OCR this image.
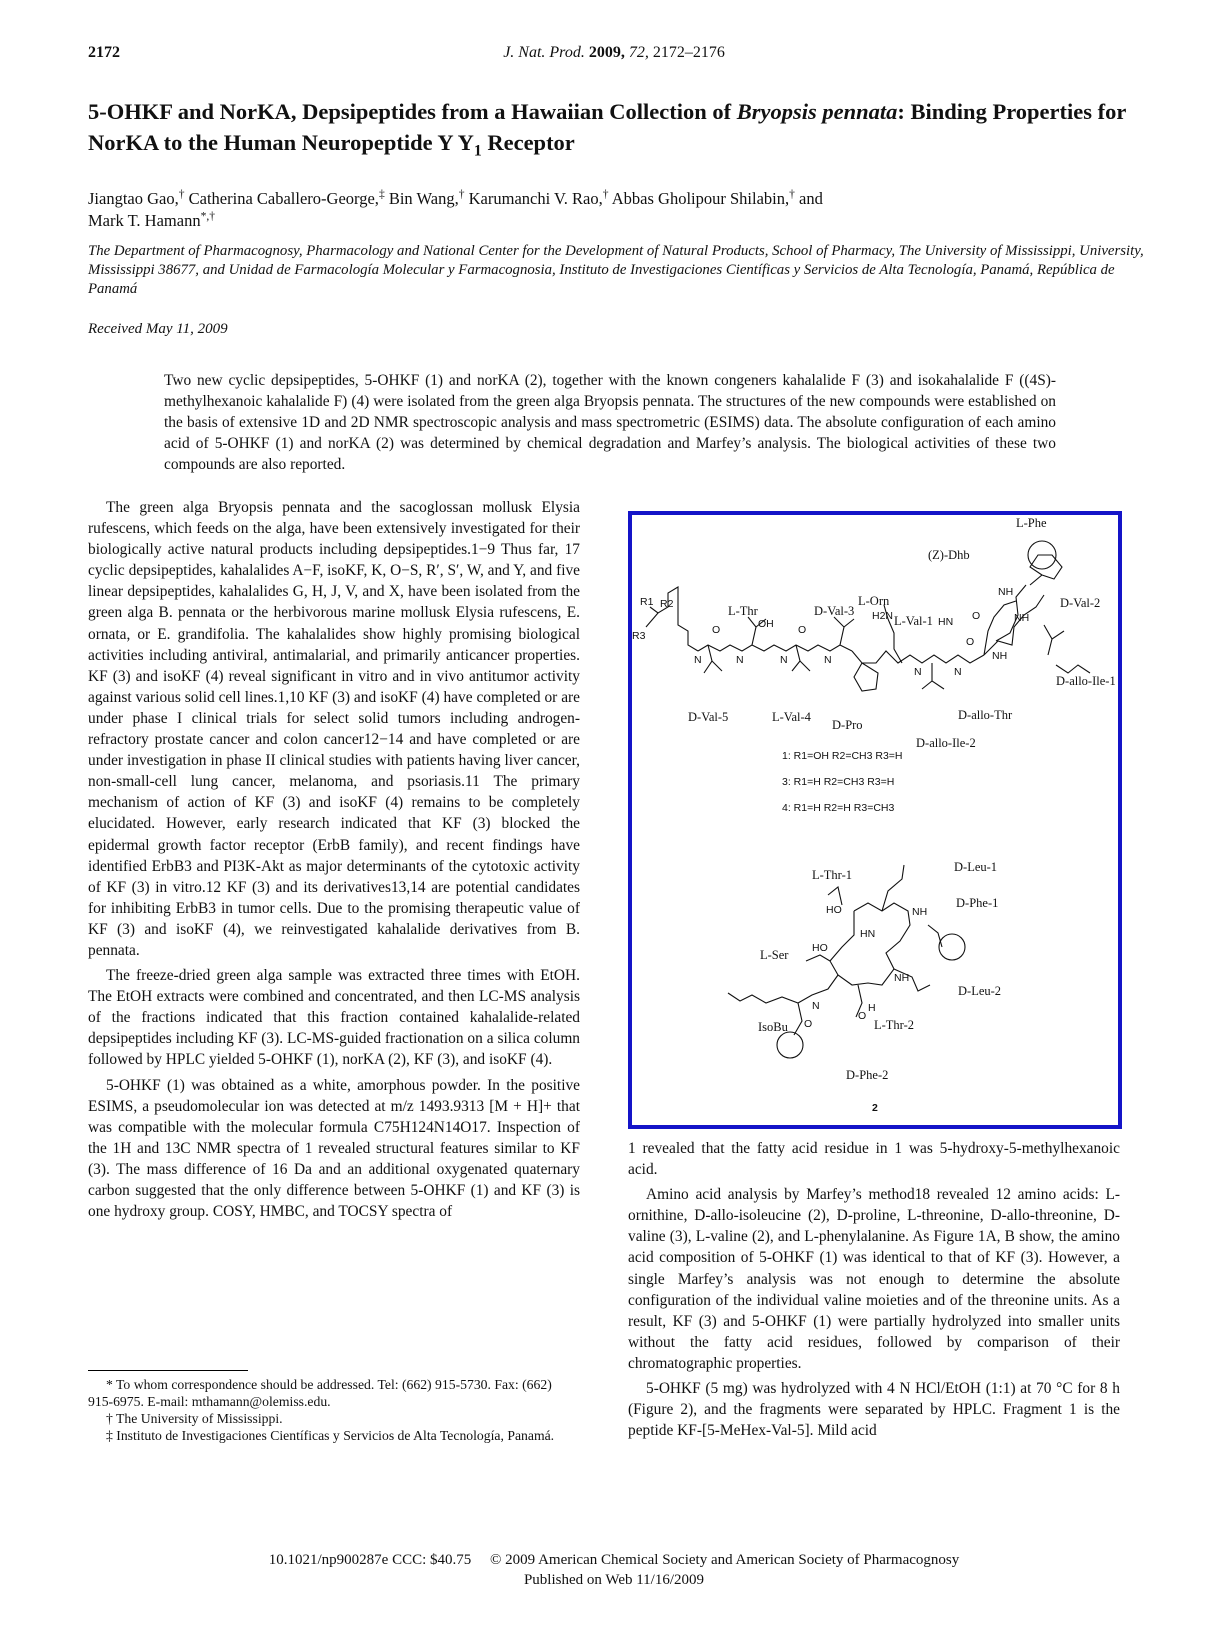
2172	J. Nat. Prod. 2009, 72, 2172–2176
5-OHKF and NorKA, Depsipeptides from a Hawaiian Collection of Bryopsis pennata: Binding Properties for NorKA to the Human Neuropeptide Y $Y_1$ Receptor
Jiangtao Gao,† Catherina Caballero-George,‡ Bin Wang,† Karumanchi V. Rao,† Abbas Gholipour Shilabin,† and
Mark T. Hamann*,†
The Department of Pharmacognosy, Pharmacology and National Center for the Development of Natural Products, School of Pharmacy, The University of Mississippi, University, Mississippi 38677, and Unidad de Farmacología Molecular y Farmacognosia, Instituto de Investigaciones Científicas y Servicios de Alta Tecnología, Panamá, República de Panamá
Received May 11, 2009
Two new cyclic depsipeptides, 5-OHKF (1) and norKA (2), together with the known congeners kahalalide F (3) and isokahalalide F ((4S)- methylhexanoic kahalalide F) (4) were isolated from the green alga Bryopsis pennata. The structures of the new compounds were established on the basis of extensive 1D and 2D NMR spectroscopic analysis and mass spectrometric (ESIMS) data. The absolute configuration of each amino acid of 5-OHKF (1) and norKA (2) was determined by chemical degradation and Marfey’s analysis. The biological activities of these two compounds are also reported.

The green alga Bryopsis pennata and the sacoglossan mollusk Elysia rufescens, which feeds on the alga, have been extensively investigated for their biologically active natural products including depsipeptides.1−9 Thus far, 17 cyclic depsipeptides, kahalalides A−F, isoKF, K, O−S, R′, S′, W, and Y, and five linear depsipeptides, kahalalides G, H, J, V, and X, have been isolated from the green alga B. pennata or the herbivorous marine mollusk Elysia rufescens, E. ornata, or E. grandifolia. The kahalalides show highly promising biological activities including antiviral, antimalarial, and primarily anticancer properties. KF (3) and isoKF (4) reveal significant in vitro and in vivo antitumor activity against various solid cell lines.1,10 KF (3) and isoKF (4) have completed or are under phase I clinical trials for select solid tumors including androgen-refractory prostate cancer and colon cancer12−14 and have completed or are under investigation in phase II clinical studies with patients having liver cancer, non-small-cell lung cancer, melanoma, and psoriasis.11 The primary mechanism of action of KF (3) and isoKF (4) remains to be completely elucidated. However, early research indicated that KF (3) blocked the epidermal growth factor receptor (ErbB family), and recent findings have identified ErbB3 and PI3K-Akt as major determinants of the cytotoxic activity of KF (3) in vitro.12 KF (3) and its derivatives13,14 are potential candidates for inhibiting ErbB3 in tumor cells. Due to the promising therapeutic value of KF (3) and isoKF (4), we reinvestigated kahalalide derivatives from B. pennata.

The freeze-dried green alga sample was extracted three times with EtOH. The EtOH extracts were combined and concentrated, and then LC-MS analysis of the fractions indicated that this fraction contained kahalalide-related depsipeptides including KF (3). LC-MS-guided fractionation on a silica column followed by HPLC yielded 5-OHKF (1), norKA (2), KF (3), and isoKF (4).

5-OHKF (1) was obtained as a white, amorphous powder. In the positive ESIMS, a pseudomolecular ion was detected at m/z 1493.9313 [M + H]+ that was compatible with the molecular formula C75H124N14O17. Inspection of the 1H and 13C NMR spectra of 1 revealed structural features similar to KF (3). The mass difference of 16 Da and an additional oxygenated quaternary carbon suggested that the only difference between 5-OHKF (1) and KF (3) is one hydroxy group. COSY, HMBC, and TOCSY spectra of

* To whom correspondence should be addressed. Tel: (662) 915-5730. Fax: (662) 915-6975. E-mail: mthamann@olemiss.edu.

† The University of Mississippi.

‡ Instituto de Investigaciones Científicas y Servicios de Alta Tecnología, Panamá.

1 revealed that the fatty acid residue in 1 was 5-hydroxy-5-methylhexanoic acid.

Amino acid analysis by Marfey’s method18 revealed 12 amino acids: L-ornithine, D-allo-isoleucine (2), D-proline, L-threonine, D-allo-threonine, D-valine (3), L-valine (2), and L-phenylalanine. As Figure 1A, B show, the amino acid composition of 5-OHKF (1) was identical to that of KF (3). However, a single Marfey’s analysis was not enough to determine the absolute configuration of the individual valine moieties and of the threonine units. As a result, KF (3) and 5-OHKF (1) were partially hydrolyzed into smaller units without the fatty acid residues, followed by comparison of their chromatographic properties.

5-OHKF (5 mg) was hydrolyzed with 4 N HCl/EtOH (1:1) at 70 °C for 8 h (Figure 2), and the fragments were separated by HPLC. Fragment 1 is the peptide KF-[5-MeHex-Val-5]. Mild acid

L-Phe
(Z)-Dhb
L-Thr	D-Val-3
L-Orn
L-Val-1
D-Val-2
D-allo-Ile-1
D-Val-5	L-Val-4
D-Pro
D-allo-Thr
D-allo-Ile-2
R1 R2
R3
OH
H2N
NH
NH
HN
NH
N	N	N	N
N	N
O	O
O
O
1: R1=OH R2=CH3 R3=H
3: R1=H R2=CH3 R3=H
4: R1=H R2=H R3=CH3
L-Thr-1
D-Leu-1
D-Phe-1
L-Ser
D-Leu-2
IsoBu	L-Thr-2
D-Phe-2
HO
HO
HN
NH
NH
H
N
O
O
2
10.1021/np900287e CCC: $40.75 © 2009 American Chemical Society and American Society of Pharmacognosy
Published on Web 11/16/2009
